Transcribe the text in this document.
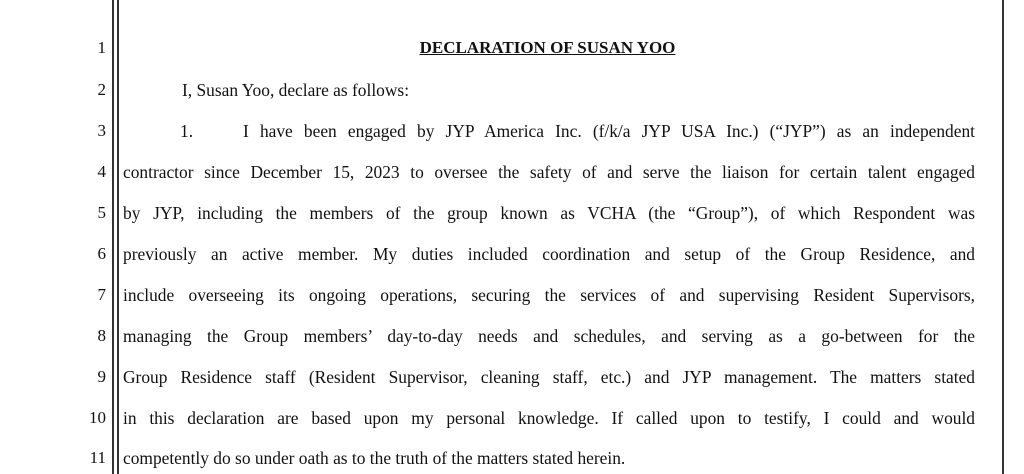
1
2
3
4
5
6
7
8
9
10
11
DECLARATION OF SUSAN YOO
I, Susan Yoo, declare as follows:
1.	I have been engaged by JYP America Inc. (f/k/a JYP USA Inc.) (“JYP”) as an independent
contractor since December 15, 2023 to oversee the safety of and serve the liaison for certain talent engaged
by JYP, including the members of the group known as VCHA (the “Group”), of which Respondent was
previously an active member. My duties included coordination and setup of the Group Residence, and
include overseeing its ongoing operations, securing the services of and supervising Resident Supervisors,
managing the Group members’ day-to-day needs and schedules, and serving as a go-between for the
Group Residence staff (Resident Supervisor, cleaning staff, etc.) and JYP management. The matters stated
in this declaration are based upon my personal knowledge. If called upon to testify, I could and would
competently do so under oath as to the truth of the matters stated herein.
